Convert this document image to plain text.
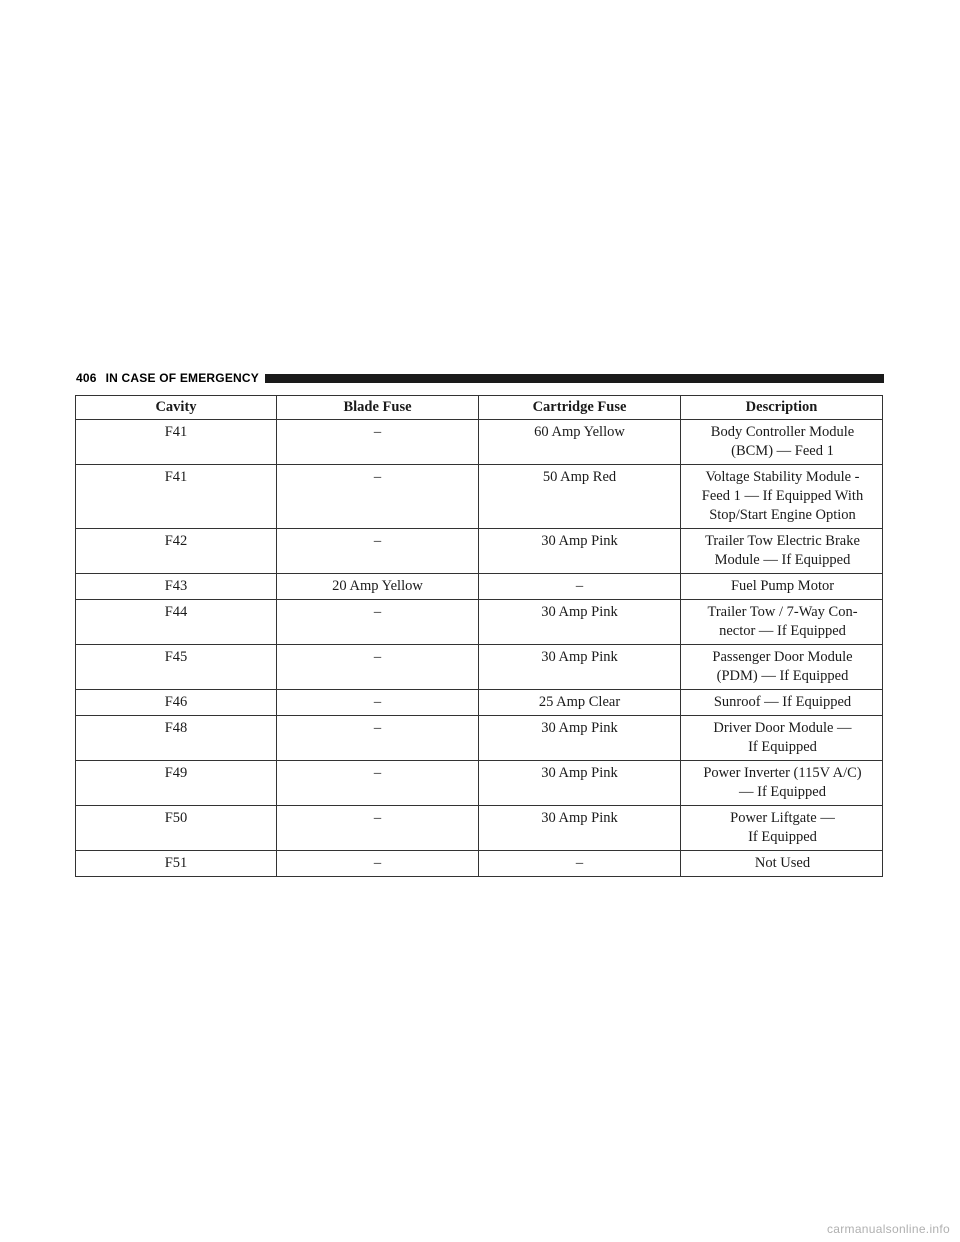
406 IN CASE OF EMERGENCY
Cavity	Blade Fuse	Cartridge Fuse	Description
F41	–	60 Amp Yellow	Body Controller Module
(BCM) — Feed 1

F41	–	50 Amp Red	Voltage Stability Module -
Feed 1 — If Equipped With
Stop/Start Engine Option

F42	–	30 Amp Pink	Trailer Tow Electric Brake
Module — If Equipped

F43	20 Amp Yellow	–	Fuel Pump Motor

F44	–	30 Amp Pink	Trailer Tow / 7-Way Con-
nector — If Equipped

F45	–	30 Amp Pink	Passenger Door Module
(PDM) — If Equipped

F46	–	25 Amp Clear	Sunroof — If Equipped

F48	–	30 Amp Pink	Driver Door Module —
If Equipped

F49	–	30 Amp Pink	Power Inverter (115V A/C)
— If Equipped

F50	–	30 Amp Pink	Power Liftgate —
If Equipped

F51	–	–	Not Used
carmanualsonline.info
